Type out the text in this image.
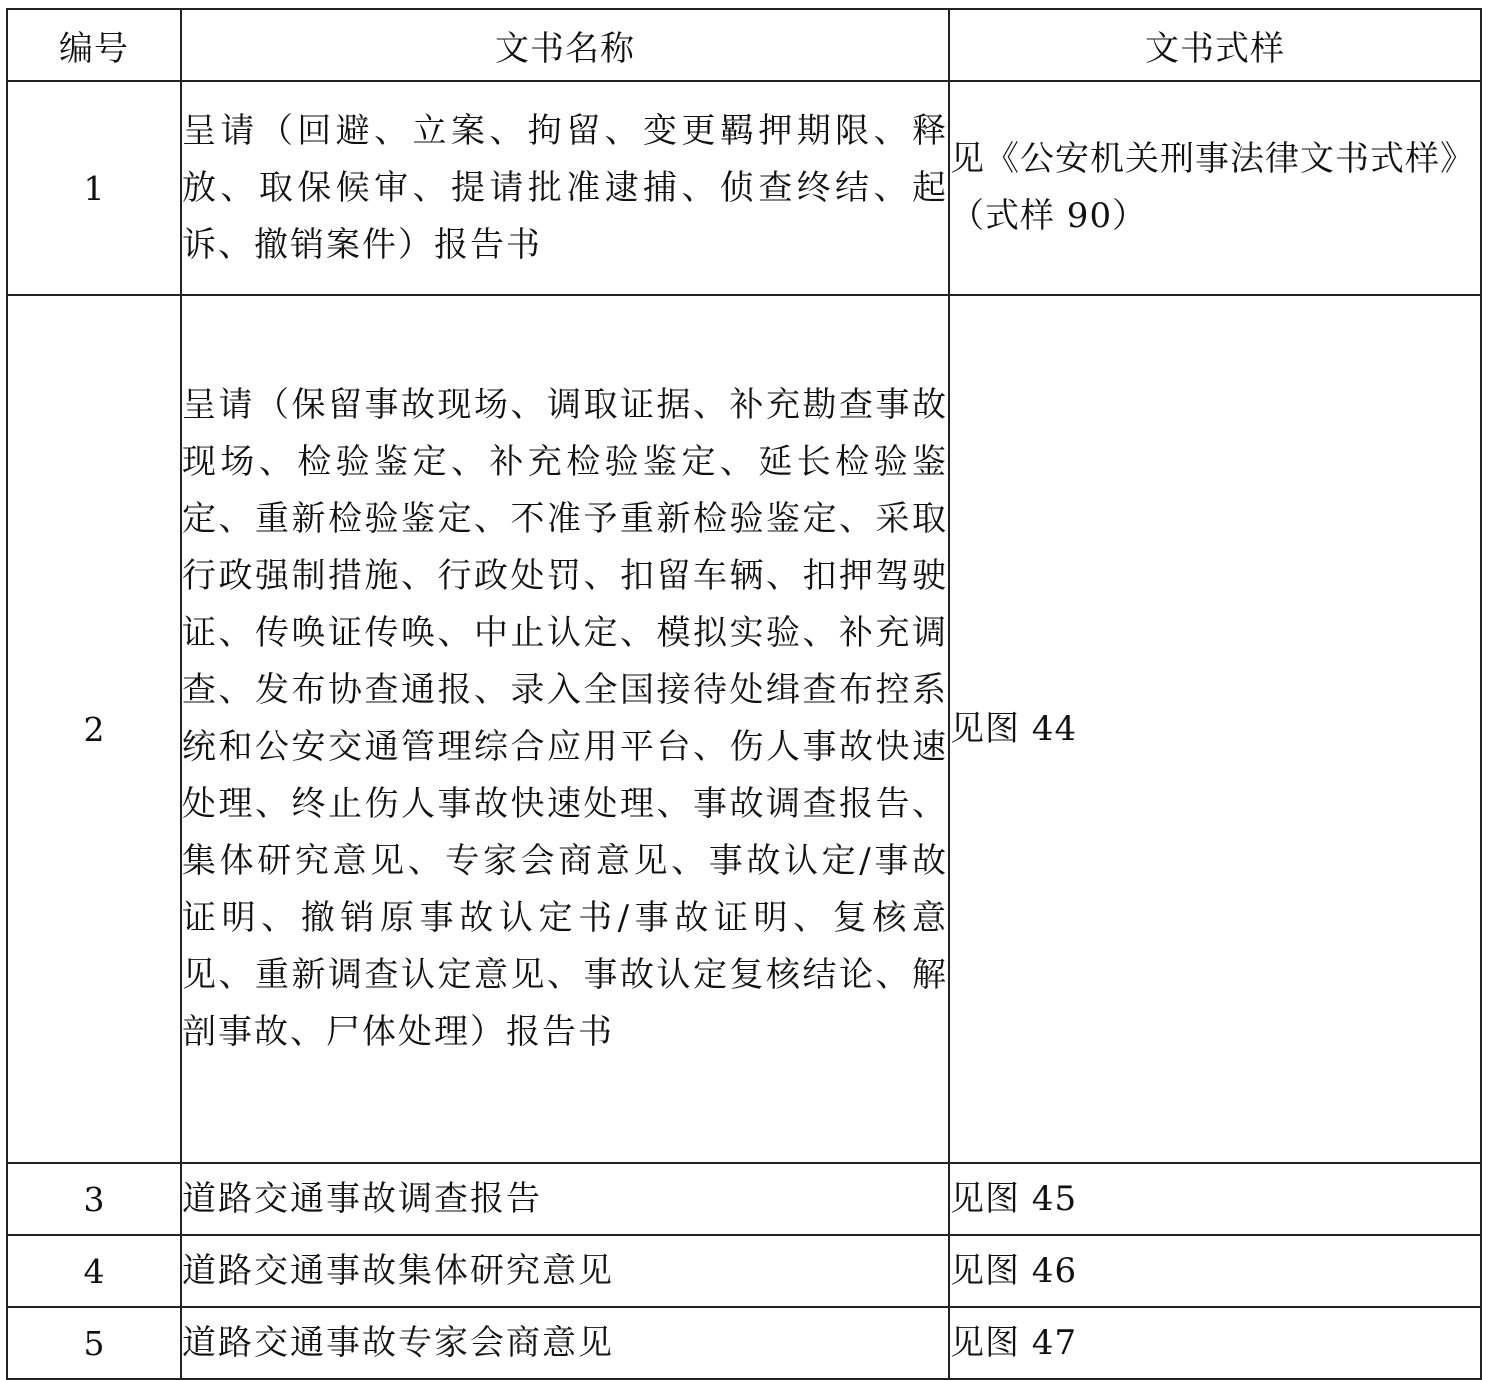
编号	文书名称	文书式样
1	呈请（回避、立案、拘留、变更羁押期限、释放、取保候审、提请批准逮捕、侦查终结、起诉、撤销案件）报告书	见《公安机关刑事法律文书式样》（式样 90）
2	呈请（保留事故现场、调取证据、补充勘查事故现场、检验鉴定、补充检验鉴定、延长检验鉴定、重新检验鉴定、不准予重新检验鉴定、采取行政强制措施、行政处罚、扣留车辆、扣押驾驶证、传唤证传唤、中止认定、模拟实验、补充调查、发布协查通报、录入全国接待处缉查布控系统和公安交通管理综合应用平台、伤人事故快速处理、终止伤人事故快速处理、事故调查报告、集体研究意见、专家会商意见、事故认定/事故证明、撤销原事故认定书/事故证明、复核意见、重新调查认定意见、事故认定复核结论、解剖事故、尸体处理）报告书	见图 44
3	道路交通事故调查报告	见图 45
4	道路交通事故集体研究意见	见图 46
5	道路交通事故专家会商意见	见图 47
